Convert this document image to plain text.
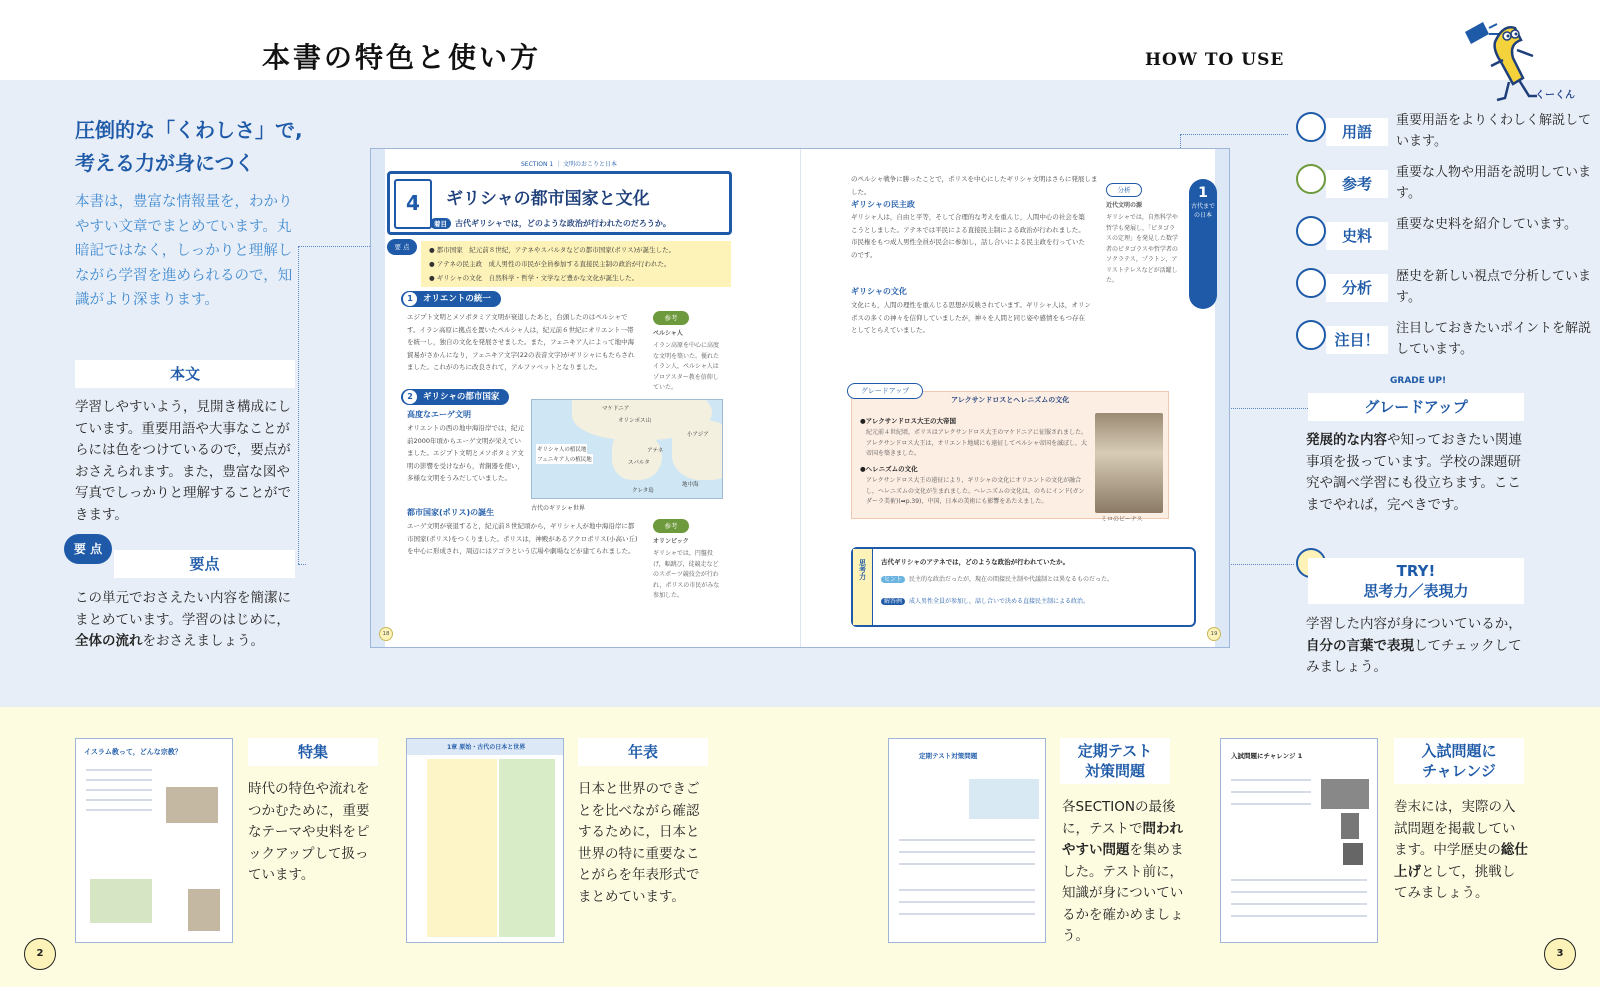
本書の特色と使い方	HOW TO USE
くーくん
圧倒的な「くわしさ」で,
考える力が身につく
本書は，豊富な情報量を，わかりやすい文章でまとめています。丸暗記ではなく，しっかりと理解しながら学習を進められるので，知識がより深まります。
本文
学習しやすいよう，見開き構成にしています。重要用語や大事なことがらには色をつけているので，要点がおさえられます。また，豊富な図や写真でしっかりと理解することができます。
要 点
要点
この単元でおさえたい内容を簡潔にまとめています。学習のはじめに，全体の流れをおさえましょう。
SECTION 1 ｜ 文明のおこりと日本
4	ギリシャの都市国家と文化
着目 古代ギリシャでは，どのような政治が行われたのだろうか。
要 点	● 都市国家　紀元前８世紀，アテネやスパルタなどの都市国家(ポリス)が誕生した。
● アテネの民主政　成人男性の市民が全員参加する直接民主制の政治が行われた。
● ギリシャの文化　自然科学・哲学・文学など豊かな文化が誕生した。
1	オリエントの統一
エジプト文明とメソポタミア文明が衰退したあと，台頭したのはペルシャです。イラン高原に拠点を置いたペルシャ人は，紀元前６世紀にオリエント一帯を統一し，独自の文化を発展させました。また，フェニキア人によって地中海貿易がさかんになり，フェニキア文字(22の表音文字)がギリシャにもたらされました。これがのちに改良されて，アルファベットとなりました。
2	ギリシャの都市国家
高度なエーゲ文明
オリエントの西の地中海沿岸では，紀元前2000年頃からエーゲ文明が栄えていました。エジプト文明とメソポタミア文明の影響を受けながら，青銅器を使い，多様な文明をうみだしていました。
都市国家(ポリス)の誕生
エーゲ文明が衰退すると，紀元前８世紀頃から，ギリシャ人が地中海沿岸に都市国家(ポリス)をつくりました。ポリスは，神殿があるアクロポリス(小高い丘)を中心に形成され，周辺にはアゴラという広場や劇場などが建てられました。
参考
ペルシャ人
イラン高原を中心に高度な文明を築いた。優れたイラン人，ペルシャ人はゾロアスター教を信仰していた。
参考
オリンピック
ギリシャでは，円盤投げ，幅跳び，徒競走などのスポーツ競技会が行われ，ポリスの市民がみな参加した。
マケドニア
オリンポス山
小アジア
アテネ
スパルタ
クレタ島
地中海
ギリシャ人の植民地
フェニキア人の植民地
古代のギリシャ世界
のペルシャ戦争に勝ったことで，ポリスを中心にしたギリシャ文明はさらに発展しました。
ギリシャの民主政
ギリシャ人は，自由と平等，そして合理的な考えを重んじ，人間中心の社会を築こうとしました。アテネでは平民による直接民主制による政治が行われました。市民権をもつ成人男性全員が民会に参加し，話し合いによる民主政を行っていたのです。
ギリシャの文化
文化にも，人間の理性を重んじる思想が反映されています。ギリシャ人は，オリンポスの多くの神々を信仰していましたが，神々を人間と同じ姿や感情をもつ存在としてとらえていました。
分析
近代文明の源
ギリシャでは，自然科学や哲学も発展し，「ピタゴラスの定理」を発見した数学者のピタゴラスや哲学者のソクラテス，プラトン，アリストテレスなどが活躍した。
1
古代までの日本
●アレクサンドロス大王の大帝国
紀元前４世紀頃，ポリスはアレクサンドロス大王のマケドニアに征服されました。アレクサンドロス大王は，オリエント地域にも遠征してペルシャ帝国を滅ぼし，大帝国を築きました。
●ヘレニズムの文化
アレクサンドロス大王の遠征により，ギリシャの文化にオリエントの文化が融合し，ヘレニズムの文化が生まれました。ヘレニズムの文化は，のちにインド(ガンダーラ美術)(➡p.39)，中国，日本の美術にも影響をあたえました。
グレードアップ
アレクサンドロスとヘレニズムの文化
ミロのビーナス
思考力 古代ギリシャのアテネでは，どのような政治が行われていたか。
ヒント 民主的な政治だったが，現在の間接民主制や代議制とは異なるものだった。
解答例 成人男性全員が参加し，話し合いで決める直接民主制による政治。
18	19
用語
重要用語をよりくわしく解説しています。
参考
重要な人物や用語を説明しています。
史料
重要な史料を紹介しています。
分析
歴史を新しい視点で分析しています。
注目！
注目しておきたいポイントを解説しています。
GRADE UP!
グレードアップ
発展的な内容や知っておきたい関連事項を扱っています。学校の課題研究や調べ学習にも役立ちます。ここまでやれば，完ぺきです。
TRY!
思考力／表現力
学習した内容が身についているか，自分の言葉で表現してチェックしてみましょう。
イスラム教って，どんな宗教？	特集
時代の特色や流れをつかむために，重要なテーマや史料をピックアップして扱っています。
1章 原始・古代の日本と世界	年表
日本と世界のできごとを比べながら確認するために，日本と世界の特に重要なことがらを年表形式でまとめています。
定期テスト対策問題	定期テスト
対策問題
各SECTIONの最後に，テストで問われやすい問題を集めました。テスト前に，知識が身についているかを確かめましょう。
入試問題にチャレンジ 1	入試問題に
チャレンジ
巻末には，実際の入試問題を掲載しています。中学歴史の総仕上げとして，挑戦してみましょう。
2	3
